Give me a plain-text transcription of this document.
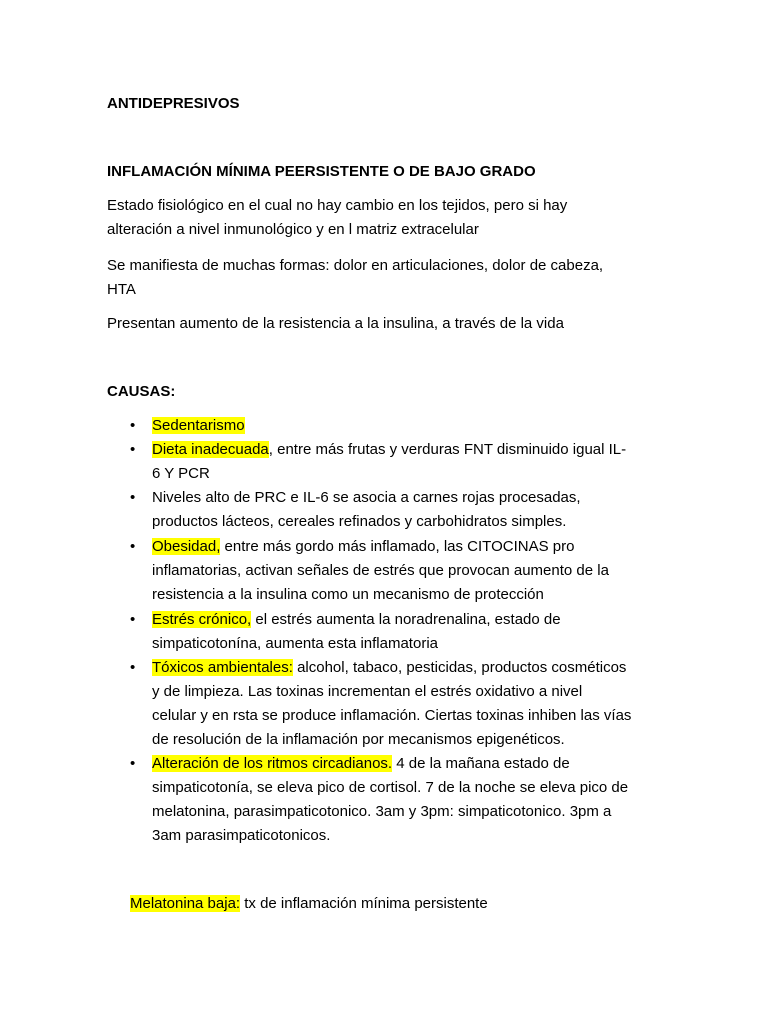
ANTIDEPRESIVOS
INFLAMACIÓN MÍNIMA PEERSISTENTE O DE BAJO GRADO
Estado fisiológico en el cual no hay cambio en los tejidos, pero si hay
alteración a nivel inmunológico y en l matriz extracelular
Se manifiesta de muchas formas: dolor en articulaciones, dolor de cabeza,
HTA
Presentan aumento de la resistencia a la insulina, a través de la vida
CAUSAS:
• Sedentarismo
• Dieta inadecuada, entre más frutas y verduras FNT disminuido igual IL-
6 Y PCR
• Niveles alto de PRC e IL-6 se asocia a carnes rojas procesadas,
productos lácteos, cereales refinados y carbohidratos simples.
• Obesidad, entre más gordo más inflamado, las CITOCINAS pro
inflamatorias, activan señales de estrés que provocan aumento de la
resistencia a la insulina como un mecanismo de protección
• Estrés crónico, el estrés aumenta la noradrenalina, estado de
simpaticotonína, aumenta esta inflamatoria
• Tóxicos ambientales: alcohol, tabaco, pesticidas, productos cosméticos
y de limpieza. Las toxinas incrementan el estrés oxidativo a nivel
celular y en rsta se produce inflamación. Ciertas toxinas inhiben las vías
de resolución de la inflamación por mecanismos epigenéticos.
• Alteración de los ritmos circadianos. 4 de la mañana estado de
simpaticotonía, se eleva pico de cortisol. 7 de la noche se eleva pico de
melatonina, parasimpaticotonico. 3am y 3pm: simpaticotonico. 3pm a
3am parasimpaticotonicos.
Melatonina baja: tx de inflamación mínima persistente
